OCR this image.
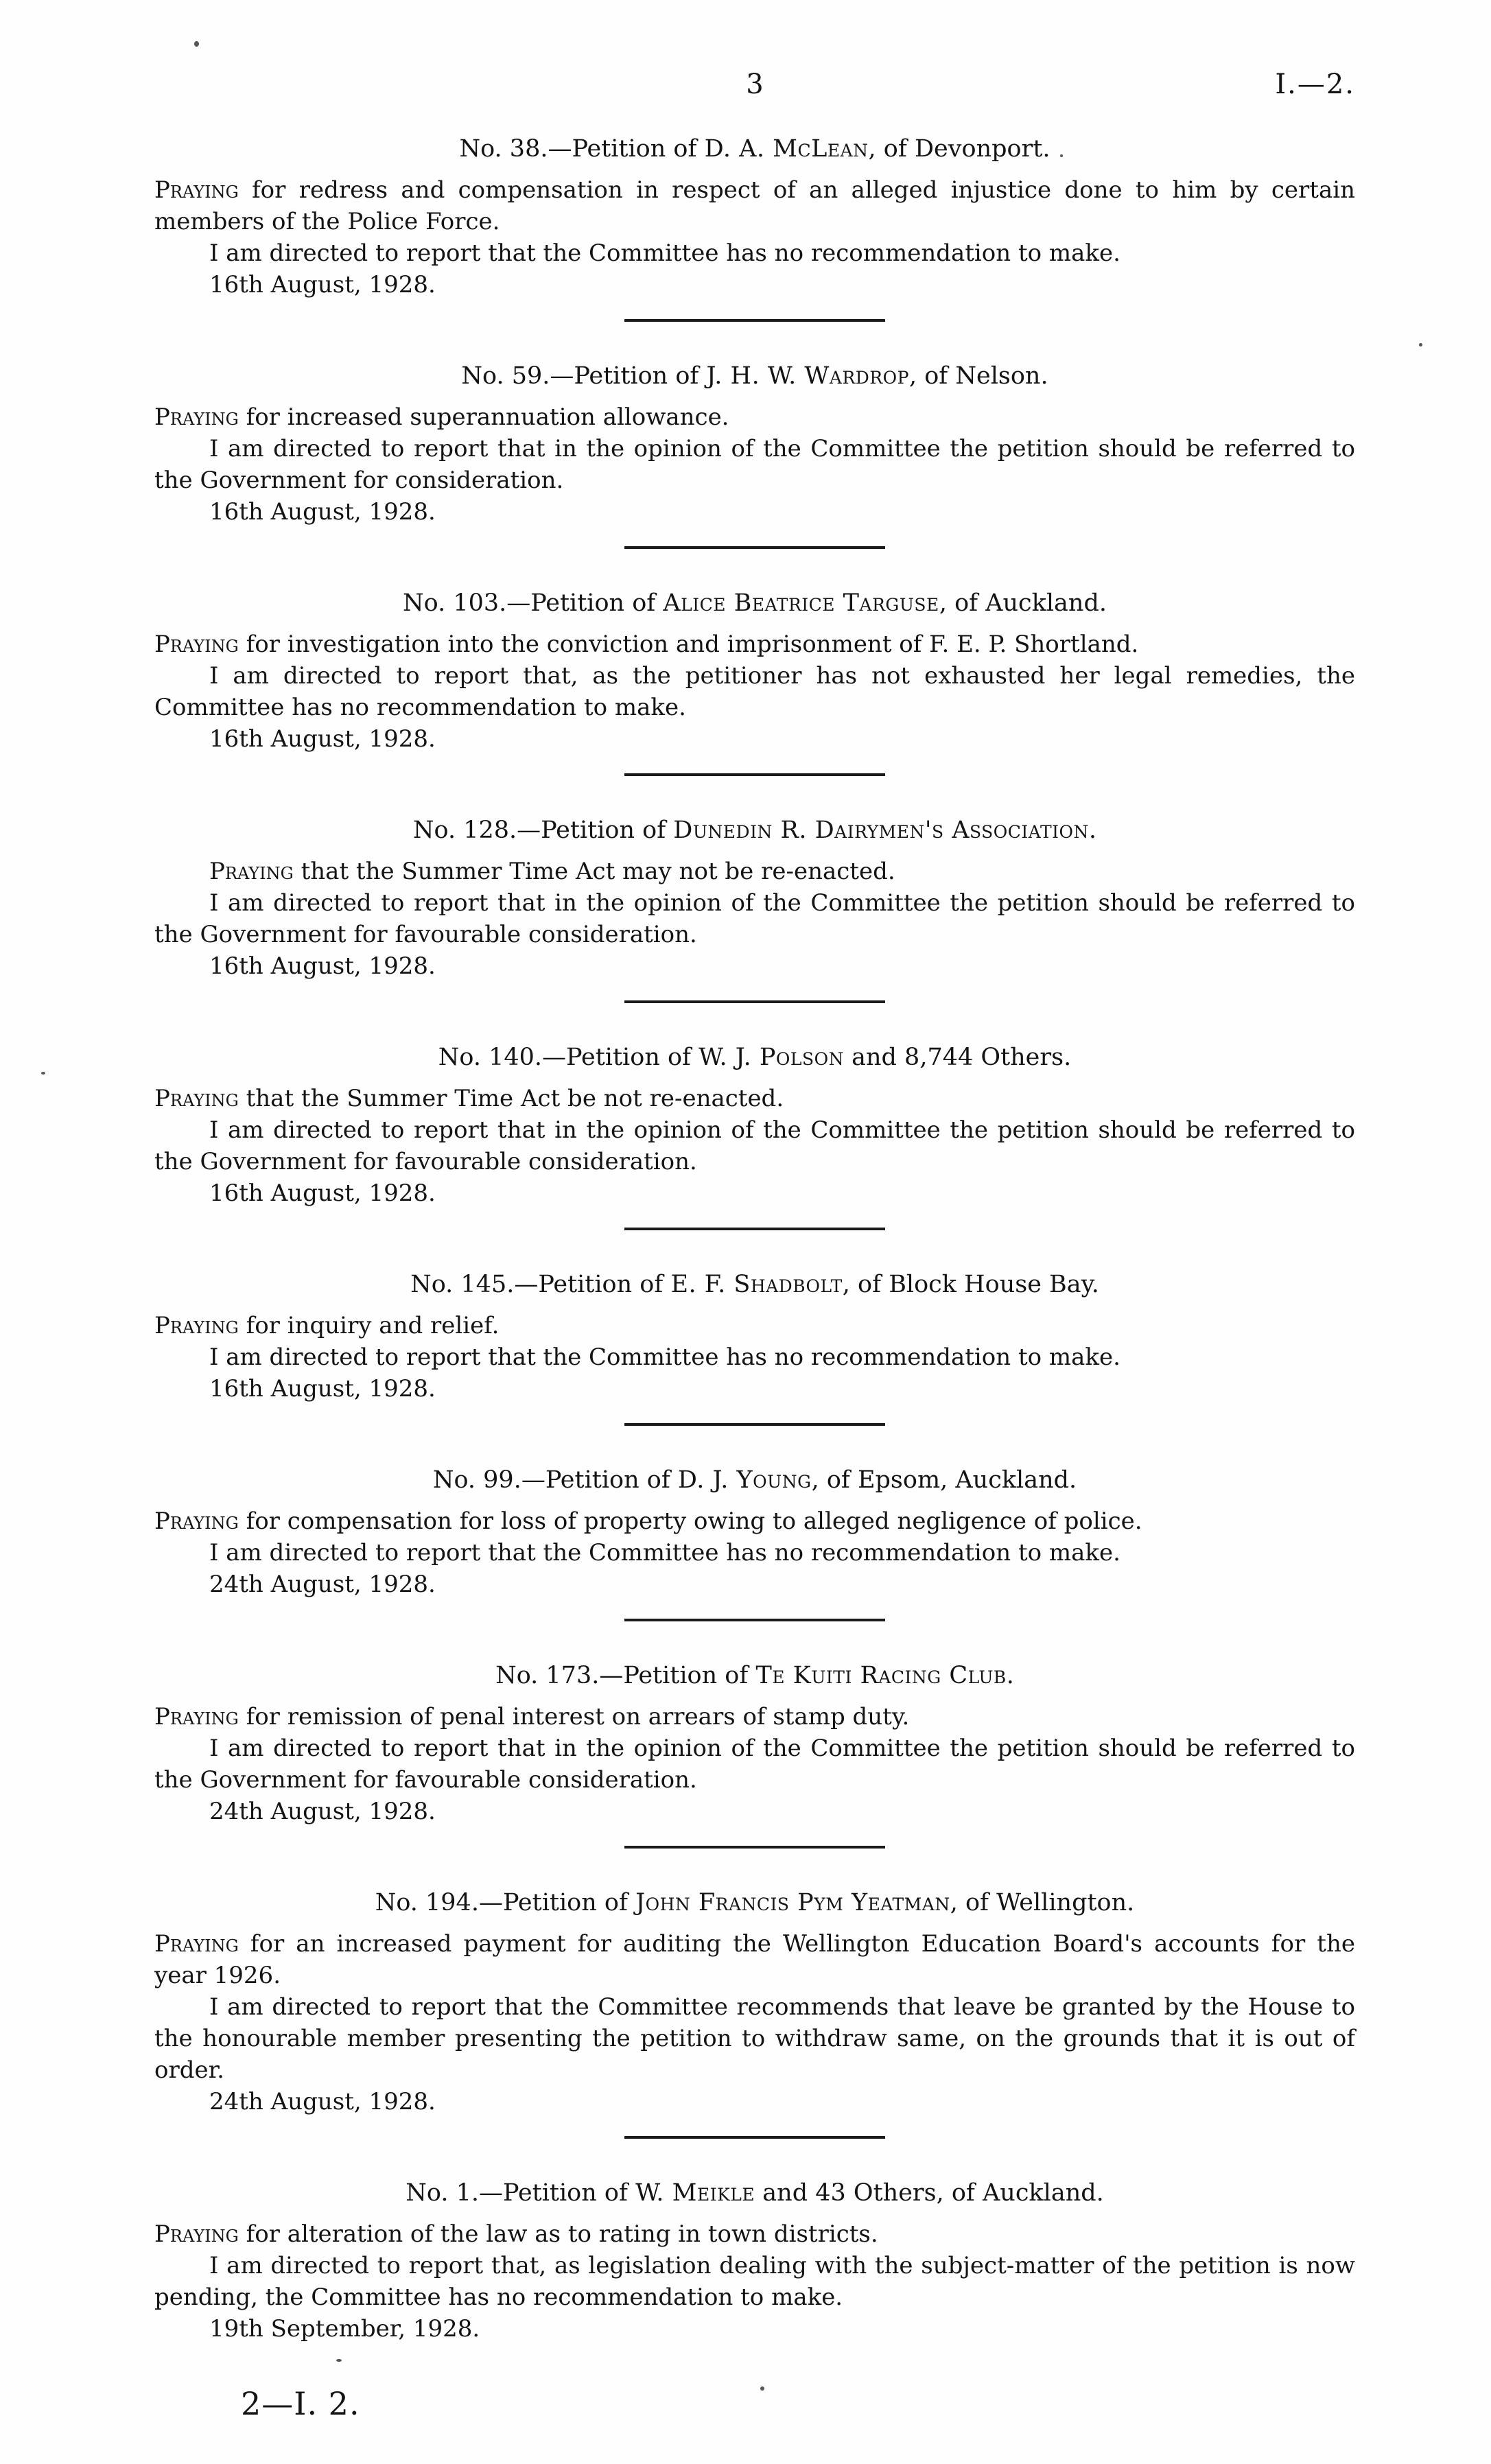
3	I.—2.
No. 38.—Petition of D. A. McLean, of Devonport.

Praying for redress and compensation in respect of an alleged injustice done to him by certain members of the Police Force.

I am directed to report that the Committee has no recommendation to make.

16th August, 1928.

No. 59.—Petition of J. H. W. Wardrop, of Nelson.

Praying for increased superannuation allowance.

I am directed to report that in the opinion of the Committee the petition should be referred to the Government for consideration.

16th August, 1928.

No. 103.—Petition of Alice Beatrice Targuse, of Auckland.

Praying for investigation into the conviction and imprisonment of F. E. P. Shortland.

I am directed to report that, as the petitioner has not exhausted her legal remedies, the Committee has no recommendation to make.

16th August, 1928.

No. 128.—Petition of Dunedin R. Dairymen's Association.

Praying that the Summer Time Act may not be re-enacted.

I am directed to report that in the opinion of the Committee the petition should be referred to the Government for favourable consideration.

16th August, 1928.

No. 140.—Petition of W. J. Polson and 8,744 Others.

Praying that the Summer Time Act be not re-enacted.

I am directed to report that in the opinion of the Committee the petition should be referred to the Government for favourable consideration.

16th August, 1928.

No. 145.—Petition of E. F. Shadbolt, of Block House Bay.

Praying for inquiry and relief.

I am directed to report that the Committee has no recommendation to make.

16th August, 1928.

No. 99.—Petition of D. J. Young, of Epsom, Auckland.

Praying for compensation for loss of property owing to alleged negligence of police.

I am directed to report that the Committee has no recommendation to make.

24th August, 1928.

No. 173.—Petition of Te Kuiti Racing Club.

Praying for remission of penal interest on arrears of stamp duty.

I am directed to report that in the opinion of the Committee the petition should be referred to the Government for favourable consideration.

24th August, 1928.

No. 194.—Petition of John Francis Pym Yeatman, of Wellington.

Praying for an increased payment for auditing the Wellington Education Board's accounts for the year 1926.

I am directed to report that the Committee recommends that leave be granted by the House to the honourable member presenting the petition to withdraw same, on the grounds that it is out of order.

24th August, 1928.

No. 1.—Petition of W. Meikle and 43 Others, of Auckland.

Praying for alteration of the law as to rating in town districts.

I am directed to report that, as legislation dealing with the subject-matter of the petition is now pending, the Committee has no recommendation to make.

19th September, 1928.

2—I. 2.
